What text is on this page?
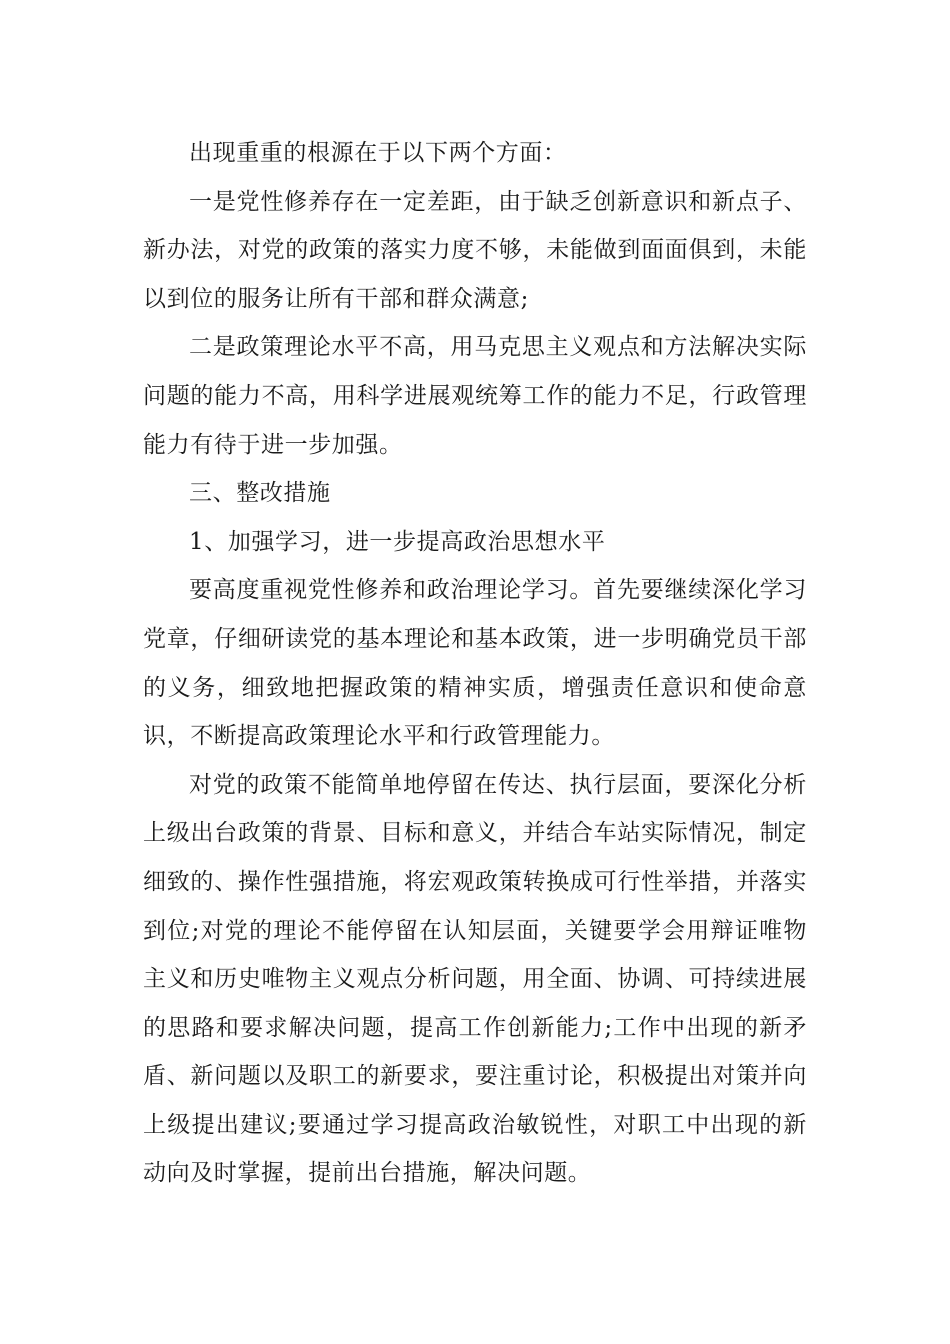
出现重重的根源在于以下两个方面：

一是党性修养存在一定差距，由于缺乏创新意识和新点子、新办法，对党的政策的落实力度不够，未能做到面面俱到，未能以到位的服务让所有干部和群众满意;

二是政策理论水平不高，用马克思主义观点和方法解决实际问题的能力不高，用科学进展观统筹工作的能力不足，行政管理能力有待于进一步加强。

三、整改措施

1、加强学习，进一步提高政治思想水平

要高度重视党性修养和政治理论学习。首先要继续深化学习党章，仔细研读党的基本理论和基本政策，进一步明确党员干部的义务，细致地把握政策的精神实质，增强责任意识和使命意识，不断提高政策理论水平和行政管理能力。

对党的政策不能简单地停留在传达、执行层面，要深化分析上级出台政策的背景、目标和意义，并结合车站实际情况，制定细致的、操作性强措施，将宏观政策转换成可行性举措，并落实到位;对党的理论不能停留在认知层面，关键要学会用辩证唯物主义和历史唯物主义观点分析问题，用全面、协调、可持续进展的思路和要求解决问题，提高工作创新能力;工作中出现的新矛盾、新问题以及职工的新要求，要注重讨论，积极提出对策并向上级提出建议;要通过学习提高政治敏锐性，对职工中出现的新动向及时掌握，提前出台措施，解决问题。
